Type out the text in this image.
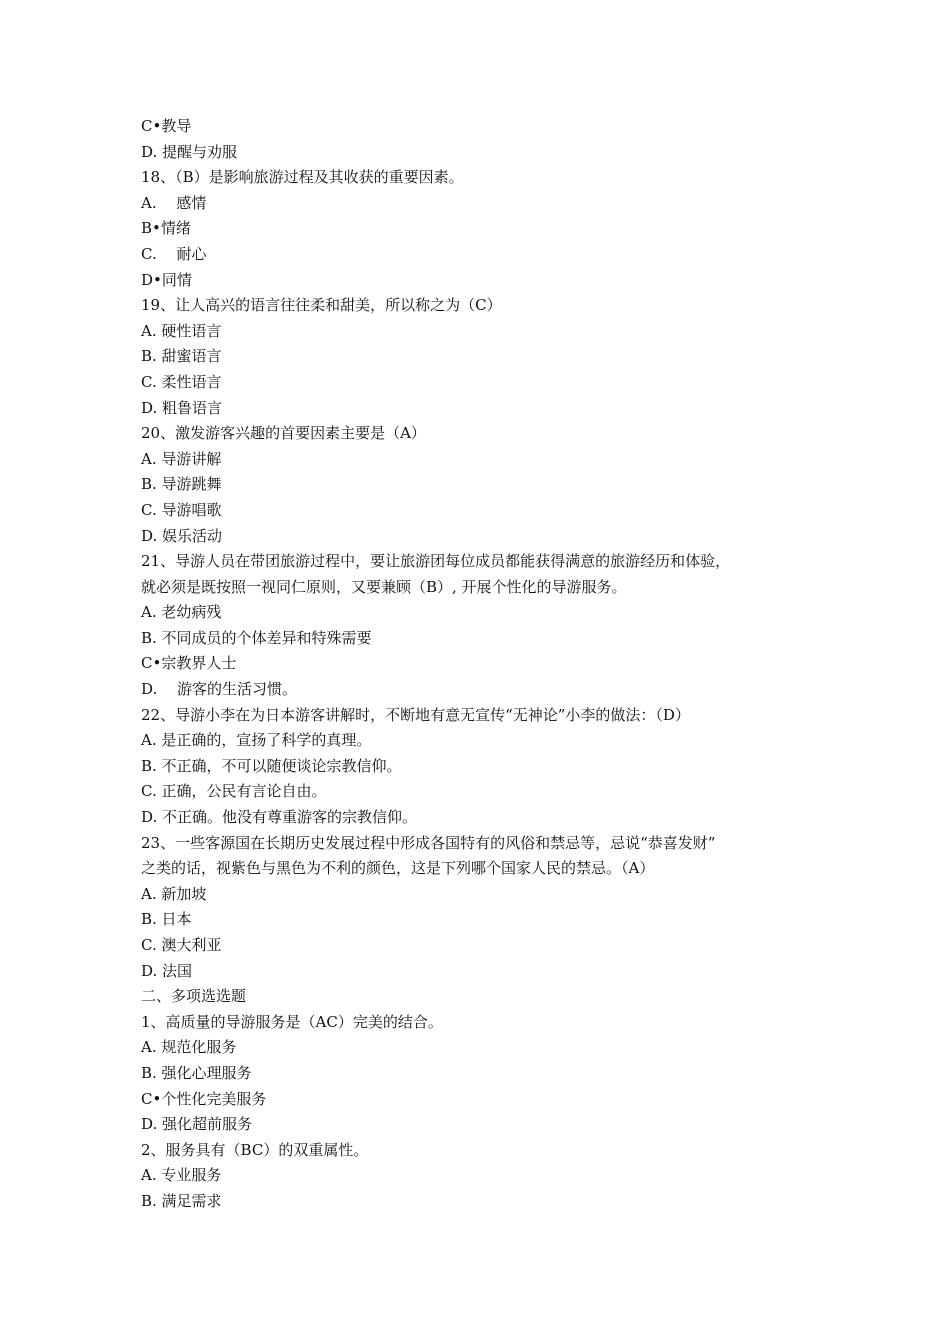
C•教导
D. 提醒与劝服
18、（B）是影响旅游过程及其收获的重要因素。
A.　 感情
B•情绪
C.　 耐心
D•同情
19、让人高兴的语言往往柔和甜美，所以称之为（C）
A. 硬性语言
B. 甜蜜语言
C. 柔性语言
D. 粗鲁语言
20、激发游客兴趣的首要因素主要是（A）
A. 导游讲解
B. 导游跳舞
C. 导游唱歌
D. 娱乐活动
21、导游人员在带团旅游过程中，要让旅游团每位成员都能获得满意的旅游经历和体验，
就必须是既按照一视同仁原则，又要兼顾（B）, 开展个性化的导游服务。
A. 老幼病残
B. 不同成员的个体差异和特殊需要
C•宗教界人士
D.　 游客的生活习惯。
22、导游小李在为日本游客讲解时，不断地有意无宣传“无神论”小李的做法：（D）
A. 是正确的，宣扬了科学的真理。
B. 不正确，不可以随便谈论宗教信仰。
C. 正确，公民有言论自由。
D. 不正确。他没有尊重游客的宗教信仰。
23、一些客源国在长期历史发展过程中形成各国特有的风俗和禁忌等，忌说“恭喜发财”
之类的话，视紫色与黑色为不利的颜色，这是下列哪个国家人民的禁忌。（A）
A. 新加坡
B. 日本
C. 澳大利亚
D. 法国
二、多项选选题
1、高质量的导游服务是（AC）完美的结合。
A. 规范化服务
B. 强化心理服务
C•个性化完美服务
D. 强化超前服务
2、服务具有（BC）的双重属性。
A. 专业服务
B. 满足需求
